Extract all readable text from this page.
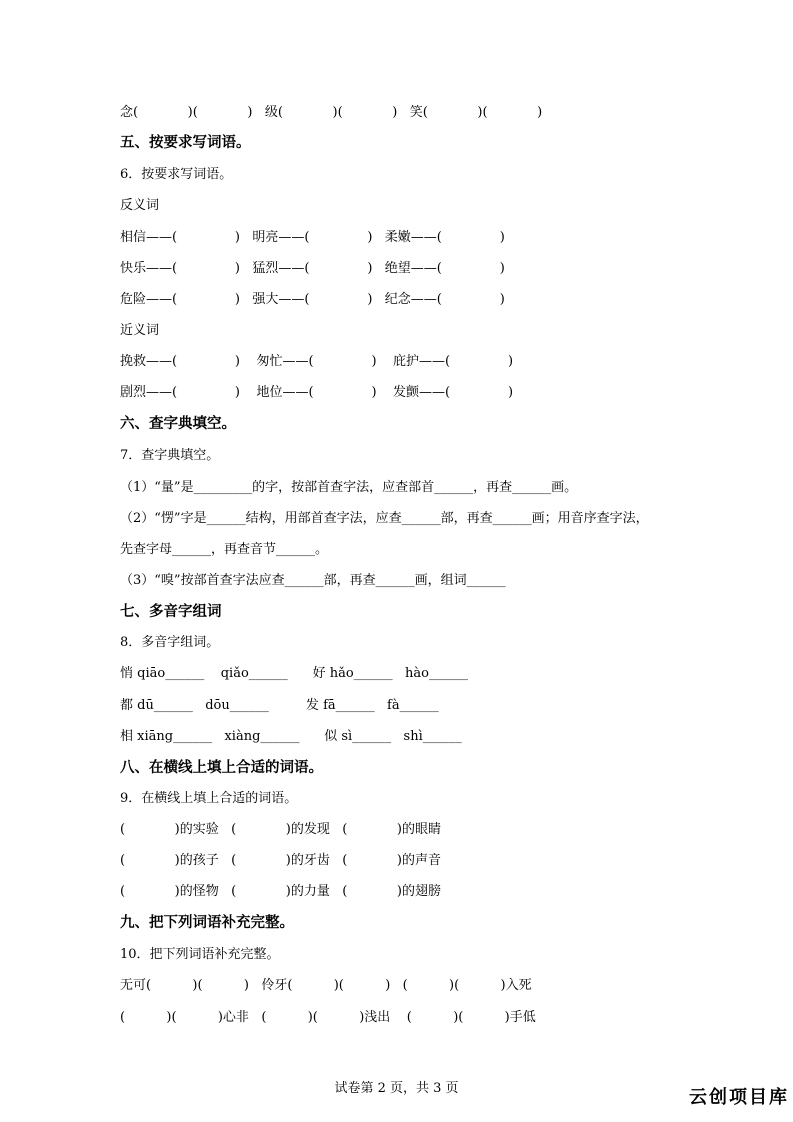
念(            )(            )   级(            )(            )   笑(            )(            )
五、按要求写词语。
6．按要求写词语。
反义词
相信——(              )   明亮——(              )   柔嫩——(              )
快乐——(              )   猛烈——(              )   绝望——(              )
危险——(              )   强大——(              )   纪念——(              )
近义词
挽救——(              )    匆忙——(              )    庇护——(              )
剧烈——(              )    地位——(              )    发颤——(              )
六、查字典填空。
7．查字典填空。
（1）“量”是_________的字，按部首查字法，应查部首______，再查______画。
（2）“愣”字是______结构，用部首查字法，应查______部，再查______画；用音序查字法，
先查字母______，再查音节______。
（3）“嗅”按部首查字法应查______部，再查______画，组词______
七、多音字组词
8．多音字组词。
悄 qiāo______    qiǎo______      好 hǎo______   hào______
都 dū______   dōu______         发 fā______   fà______
相 xiāng______   xiàng______      似 sì______   shì______
八、在横线上填上合适的词语。
9．在横线上填上合适的词语。
(            )的实验   (            )的发现   (            )的眼睛
(            )的孩子   (            )的牙齿   (            )的声音
(            )的怪物   (            )的力量   (            )的翅膀
九、把下列词语补充完整。
10．把下列词语补充完整。
无可(          )(          )   伶牙(          )(          )   (          )(          )入死
(          )(          )心非   (          )(          )浅出    (          )(          )手低
试卷第 2 页，共 3 页	云创项目库
